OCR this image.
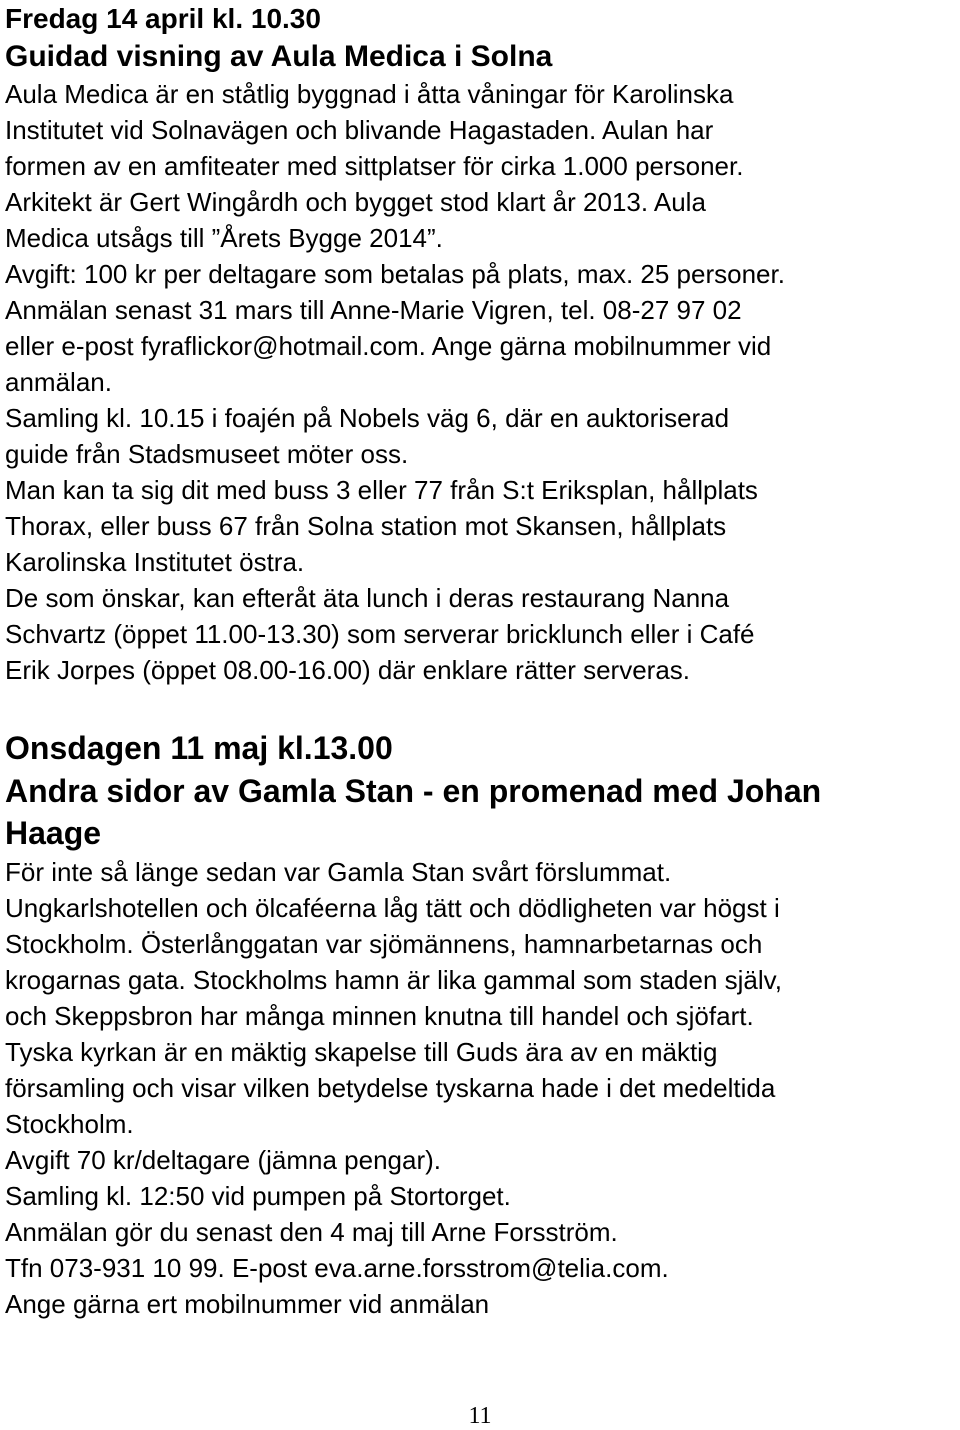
Fredag 14 april kl. 10.30
Guidad visning av Aula Medica i Solna
Aula Medica är en ståtlig byggnad i åtta våningar för Karolinska
Institutet vid Solnavägen och blivande Hagastaden. Aulan har
formen av en amfiteater med sittplatser för cirka 1.000 personer.
Arkitekt är Gert Wingårdh och bygget stod klart år 2013. Aula
Medica utsågs till ”Årets Bygge 2014”.
Avgift: 100 kr per deltagare som betalas på plats, max. 25 personer.
Anmälan senast 31 mars till Anne-Marie Vigren, tel. 08-27 97 02
eller e-post fyraflickor@hotmail.com. Ange gärna mobilnummer vid
anmälan.
Samling kl. 10.15 i foajén på Nobels väg 6, där en auktoriserad
guide från Stadsmuseet möter oss.
Man kan ta sig dit med buss 3 eller 77 från S:t Eriksplan, hållplats
Thorax, eller buss 67 från Solna station mot Skansen, hållplats
Karolinska Institutet östra.
De som önskar, kan efteråt äta lunch i deras restaurang Nanna
Schvartz (öppet 11.00-13.30) som serverar bricklunch eller i Café
Erik Jorpes (öppet 08.00-16.00) där enklare rätter serveras.
Onsdagen 11 maj kl.13.00
Andra sidor av Gamla Stan - en promenad med Johan
Haage
För inte så länge sedan var Gamla Stan svårt förslummat.
Ungkarlshotellen och ölcaféerna låg tätt och dödligheten var högst i
Stockholm. Österlånggatan var sjömännens, hamnarbetarnas och
krogarnas gata. Stockholms hamn är lika gammal som staden själv,
och Skeppsbron har många minnen knutna till handel och sjöfart.
Tyska kyrkan är en mäktig skapelse till Guds ära av en mäktig
församling och visar vilken betydelse tyskarna hade i det medeltida
Stockholm.
Avgift 70 kr/deltagare (jämna pengar).
Samling kl. 12:50 vid pumpen på Stortorget.
Anmälan gör du senast den 4 maj till Arne Forsström.
Tfn 073-931 10 99. E-post eva.arne.forsstrom@telia.com.
Ange gärna ert mobilnummer vid anmälan
11
